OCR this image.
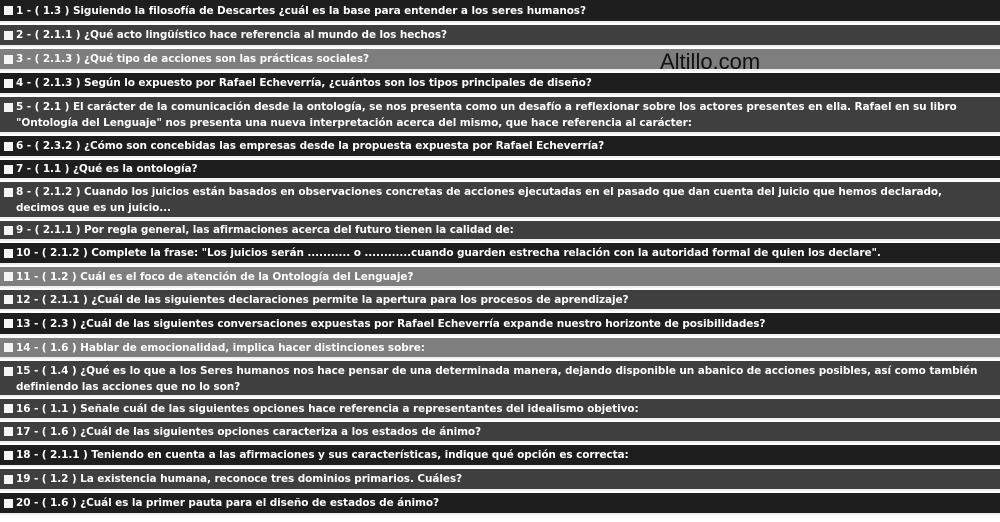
1 - ( 1.3 ) Siguiendo la filosofía de Descartes ¿cuál es la base para entender a los seres humanos?
2 - ( 2.1.1 ) ¿Qué acto lingüístico hace referencia al mundo de los hechos?
3 - ( 2.1.3 ) ¿Qué tipo de acciones son las prácticas sociales?
4 - ( 2.1.3 ) Según lo expuesto por Rafael Echeverría, ¿cuántos son los tipos principales de diseño?
5 - ( 2.1 ) El carácter de la comunicación desde la ontología, se nos presenta como un desafío a reflexionar sobre los actores presentes en ella. Rafael en su libro "Ontología del Lenguaje" nos presenta una nueva interpretación acerca del mismo, que hace referencia al carácter:
6 - ( 2.3.2 ) ¿Cómo son concebidas las empresas desde la propuesta expuesta por Rafael Echeverría?
7 - ( 1.1 ) ¿Qué es la ontología?
8 - ( 2.1.2 ) Cuando los juicios están basados en observaciones concretas de acciones ejecutadas en el pasado que dan cuenta del juicio que hemos declarado, decimos que es un juicio...
9 - ( 2.1.1 ) Por regla general, las afirmaciones acerca del futuro tienen la calidad de:
10 - ( 2.1.2 ) Complete la frase: "Los juicios serán ........... o ............cuando guarden estrecha relación con la autoridad formal de quien los declare".
11 - ( 1.2 ) Cuál es el foco de atención de la Ontología del Lenguaje?
12 - ( 2.1.1 ) ¿Cuál de las siguientes declaraciones permite la apertura para los procesos de aprendizaje?
13 - ( 2.3 ) ¿Cuál de las siguientes conversaciones expuestas por Rafael Echeverría expande nuestro horizonte de posibilidades?
14 - ( 1.6 ) Hablar de emocionalidad, implica hacer distinciones sobre:
15 - ( 1.4 ) ¿Qué es lo que a los Seres humanos nos hace pensar de una determinada manera, dejando disponible un abanico de acciones posibles, así como también definiendo las acciones que no lo son?
16 - ( 1.1 ) Señale cuál de las siguientes opciones hace referencia a representantes del idealismo objetivo:
17 - ( 1.6 ) ¿Cuál de las siguientes opciones caracteriza a los estados de ánimo?
18 - ( 2.1.1 ) Teniendo en cuenta a las afirmaciones y sus características, indique qué opción es correcta:
19 - ( 1.2 ) La existencia humana, reconoce tres dominios primarios. Cuáles?
20 - ( 1.6 ) ¿Cuál es la primer pauta para el diseño de estados de ánimo?
Altillo.com
